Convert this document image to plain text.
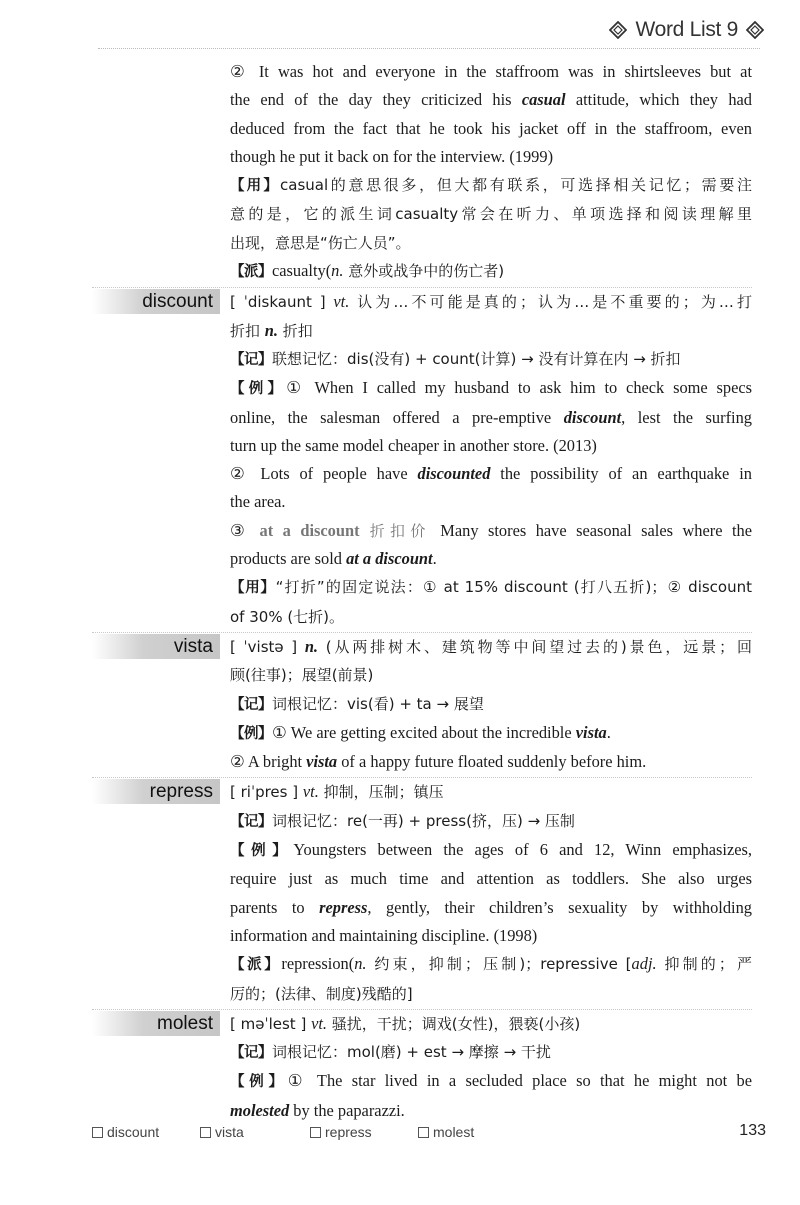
Word List 9
② It was hot and everyone in the staffroom was in shirtsleeves but at
the end of the day they criticized his casual attitude, which they had
deduced from the fact that he took his jacket off in the staffroom, even
though he put it back on for the interview. (1999)
【用】casual的意思很多，但大都有联系，可选择相关记忆；需要注
意的是，它的派生词casualty常会在听力、单项选择和阅读理解里
出现，意思是“伤亡人员”。
【派】casualty(n. 意外或战争中的伤亡者)
discount [ ˈdiskaunt ] vt. 认为…不可能是真的；认为…是不重要的；为…打
折扣 n. 折扣
【记】联想记忆：dis(没有) + count(计算) → 没有计算在内 → 折扣
【例】① When I called my husband to ask him to check some specs
online, the salesman offered a pre-emptive discount, lest the surfing
turn up the same model cheaper in another store. (2013)
② Lots of people have discounted the possibility of an earthquake in
the area.
③ at a discount 折扣价 Many stores have seasonal sales where the
products are sold at a discount.
【用】“打折”的固定说法：① at 15% discount (打八五折)；② discount
of 30% (七折)。
vista [ ˈvistə ] n. (从两排树木、建筑物等中间望过去的)景色，远景；回
顾(往事)；展望(前景)
【记】词根记忆：vis(看) + ta → 展望
【例】① We are getting excited about the incredible vista.
② A bright vista of a happy future floated suddenly before him.
repress [ riˈpres ] vt. 抑制，压制；镇压
【记】词根记忆：re(一再) + press(挤，压) → 压制
【例】Youngsters between the ages of 6 and 12, Winn emphasizes,
require just as much time and attention as toddlers. She also urges
parents to repress, gently, their children’s sexuality by withholding
information and maintaining discipline. (1998)
【派】repression(n. 约束，抑制；压制)；repressive [adj. 抑制的；严
厉的；(法律、制度)残酷的]
molest [ məˈlest ] vt. 骚扰，干扰；调戏(女性)，猥亵(小孩)
【记】词根记忆：mol(磨) + est → 摩擦 → 干扰
【例】① The star lived in a secluded place so that he might not be
molested by the paparazzi.
discount	vista	repress	molest	133
